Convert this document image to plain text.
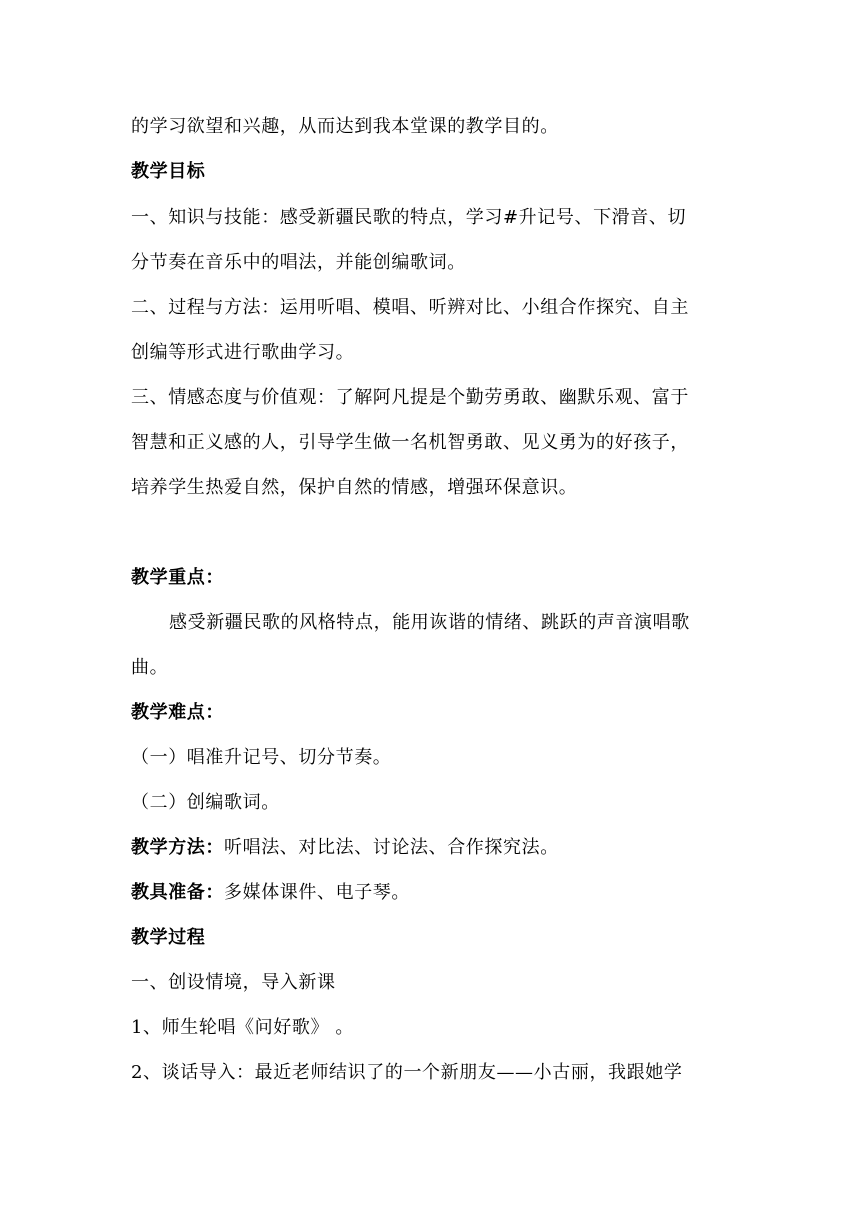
的学习欲望和兴趣，从而达到我本堂课的教学目的。
教学目标
一、知识与技能：感受新疆民歌的特点，学习#升记号、下滑音、切
分节奏在音乐中的唱法，并能创编歌词。
二、过程与方法：运用听唱、模唱、听辨对比、小组合作探究、自主
创编等形式进行歌曲学习。
三、情感态度与价值观：了解阿凡提是个勤劳勇敢、幽默乐观、富于
智慧和正义感的人，引导学生做一名机智勇敢、见义勇为的好孩子，
培养学生热爱自然，保护自然的情感，增强环保意识。
教学重点：
感受新疆民歌的风格特点，能用诙谐的情绪、跳跃的声音演唱歌
曲。
教学难点：
（一）唱准升记号、切分节奏。
（二）创编歌词。
教学方法：听唱法、对比法、讨论法、合作探究法。
教具准备：多媒体课件、电子琴。
教学过程
一、创设情境，导入新课
1、师生轮唱《问好歌》 。
2、谈话导入：最近老师结识了的一个新朋友——小古丽，我跟她学
